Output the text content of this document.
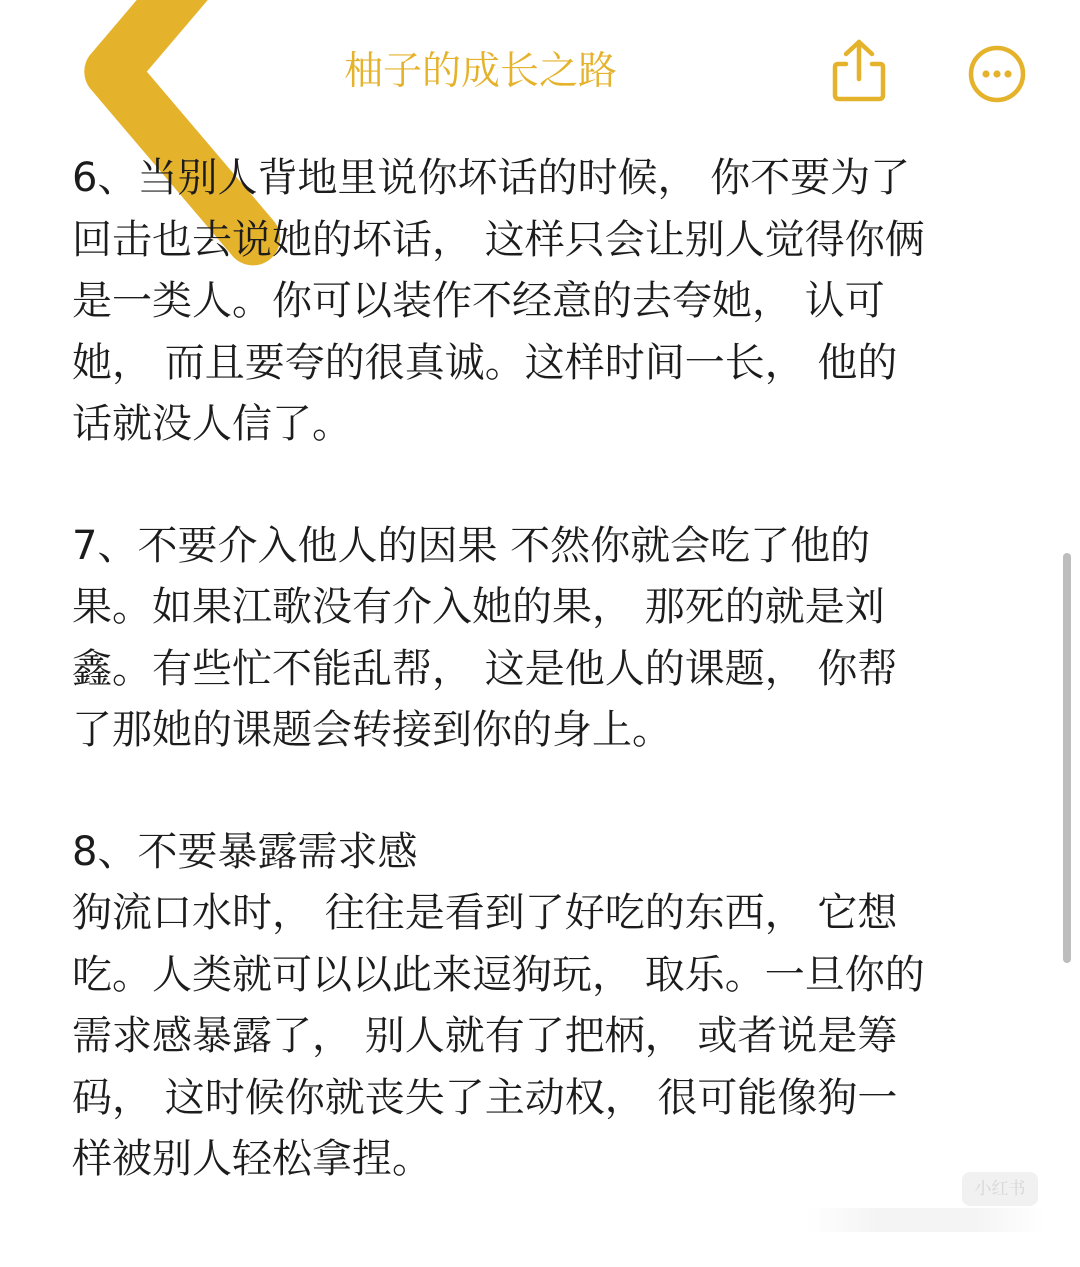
柚子的成长之路
6、当别人背地里说你坏话的时候， 你不要为了
回击也去说她的坏话， 这样只会让别人觉得你俩
是一类人。你可以装作不经意的去夸她， 认可
她， 而且要夸的很真诚。这样时间一长， 他的
话就没人信了。
7、不要介入他人的因果 不然你就会吃了他的
果。如果江歌没有介入她的果， 那死的就是刘
鑫。有些忙不能乱帮， 这是他人的课题， 你帮
了那她的课题会转接到你的身上。
8、不要暴露需求感
狗流口水时， 往往是看到了好吃的东西， 它想
吃。人类就可以以此来逗狗玩， 取乐。一旦你的
需求感暴露了， 别人就有了把柄， 或者说是筹
码， 这时候你就丧失了主动权， 很可能像狗一
样被别人轻松拿捏。
小红书
